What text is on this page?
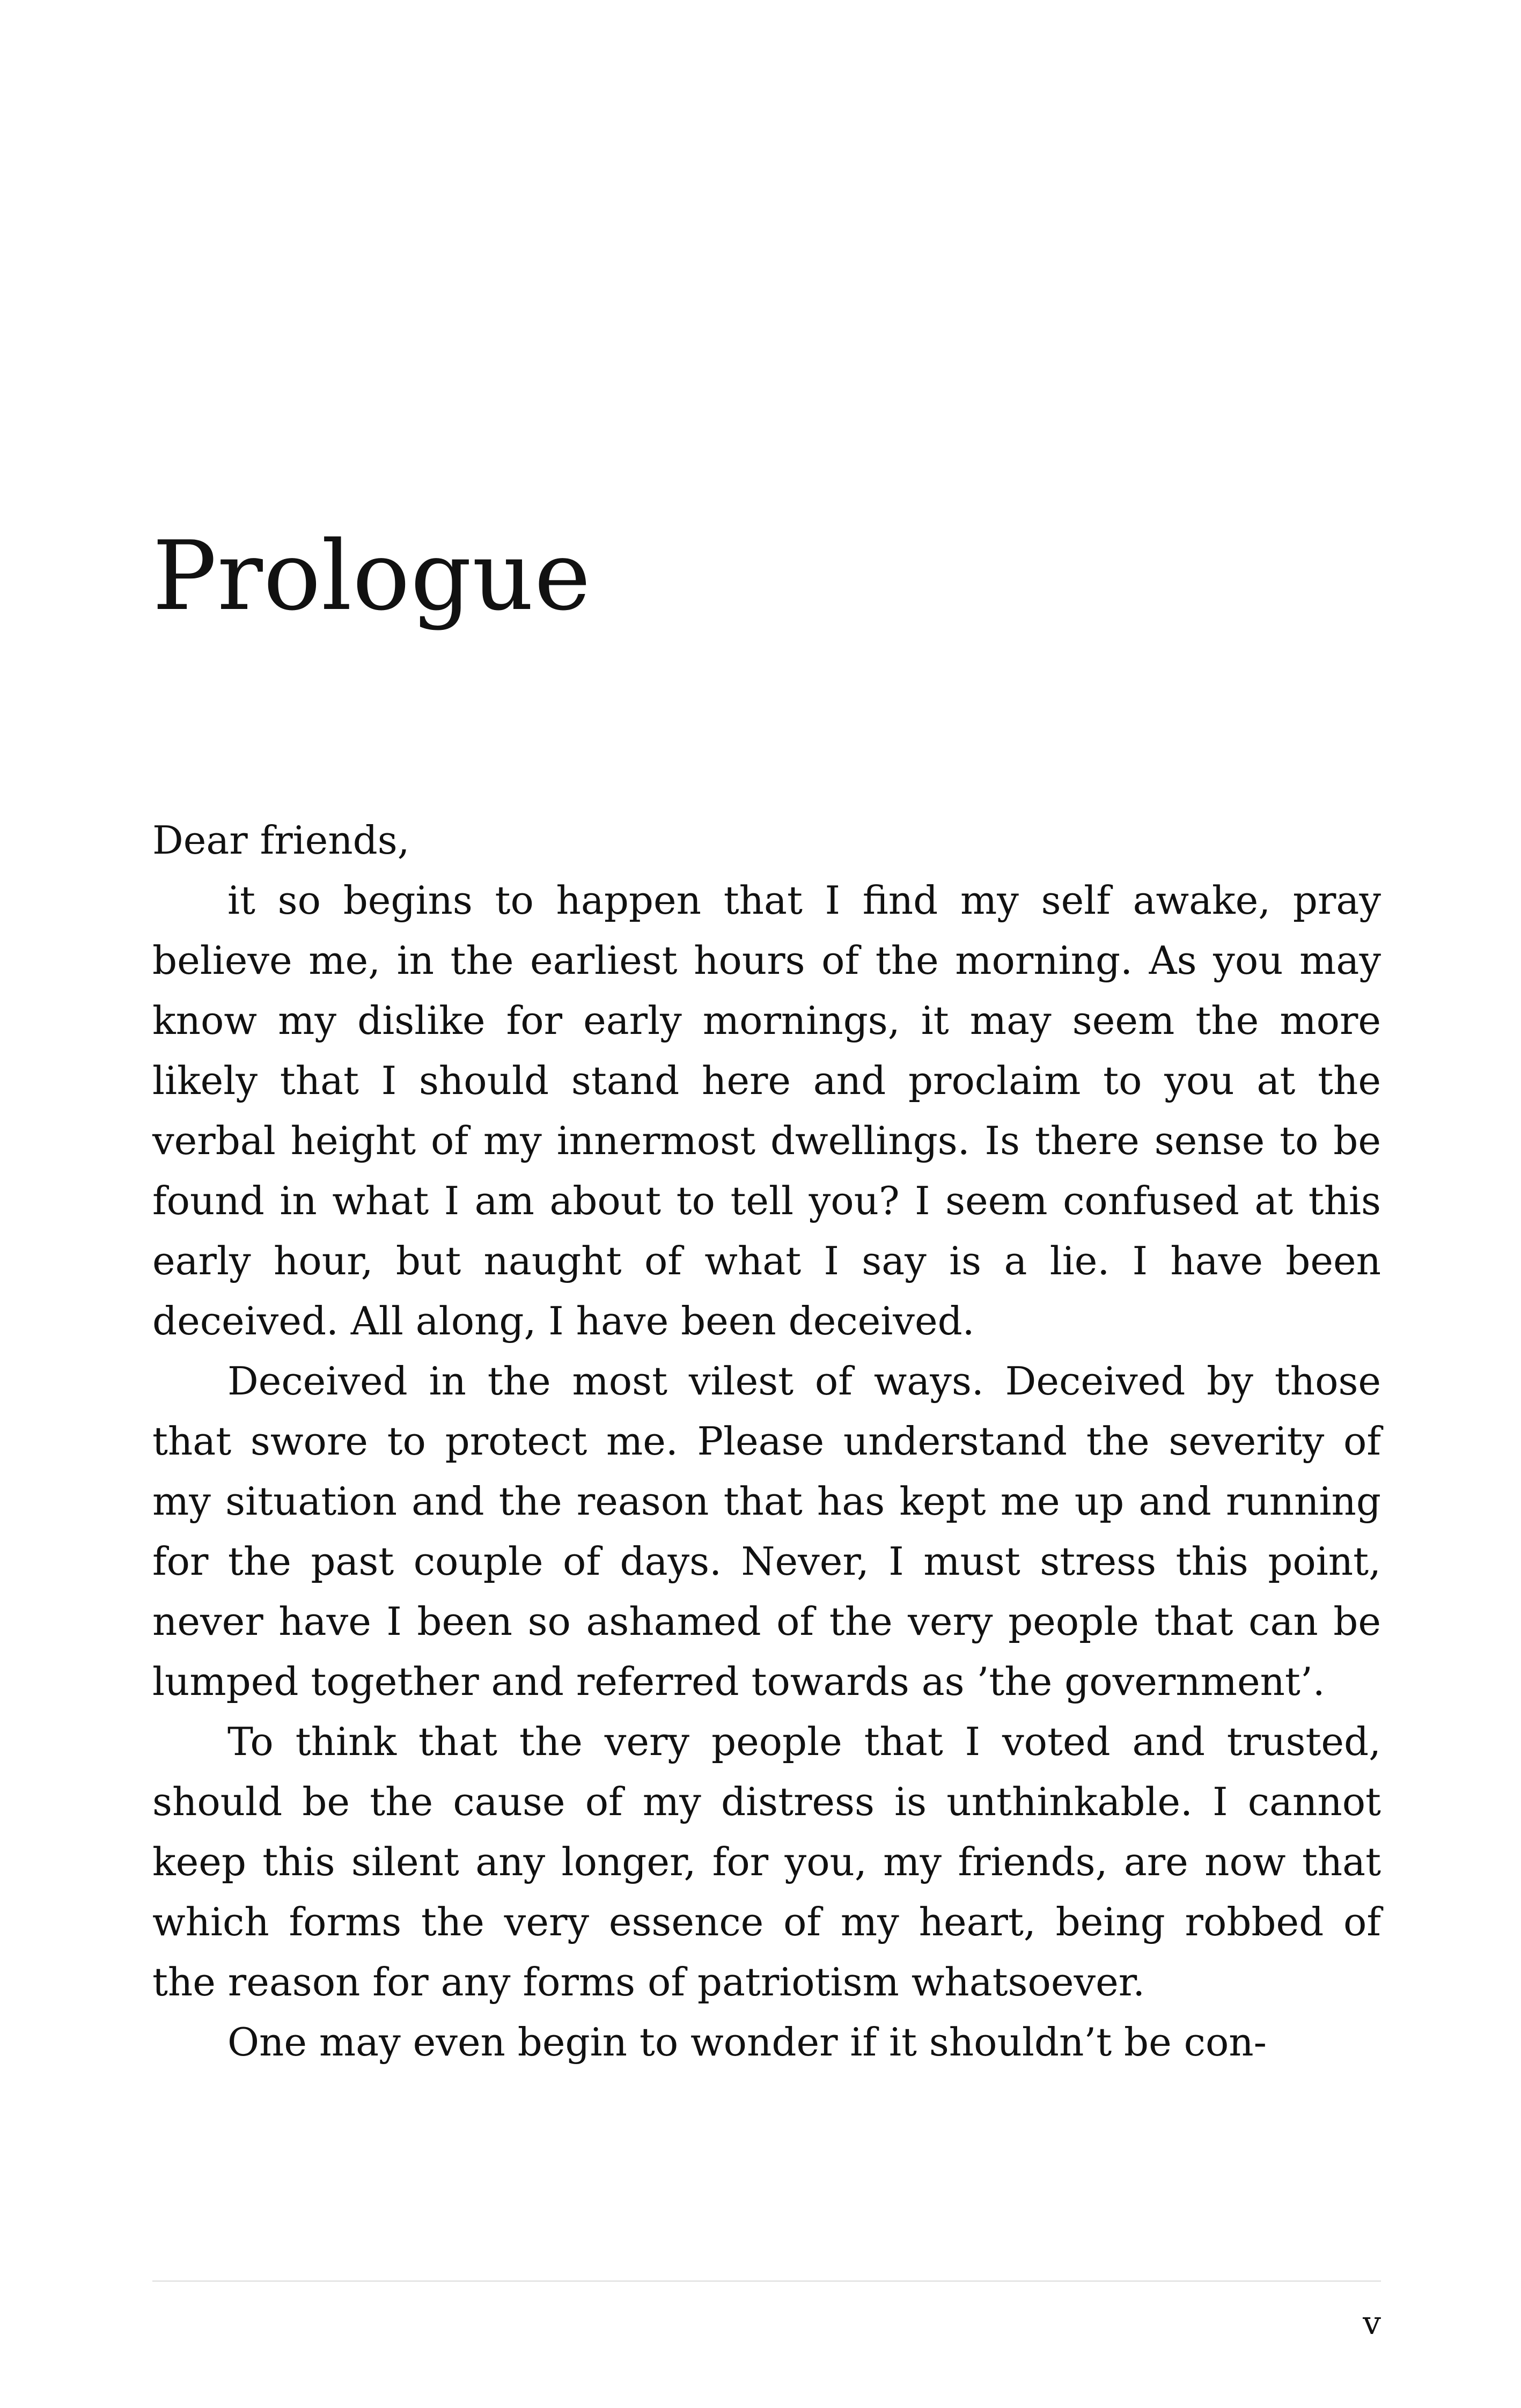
Prologue

Dear friends,

it so begins to happen that I find my self awake, pray believe me, in the earliest hours of the morning. As you may know my dislike for early mornings, it may seem the more likely that I should stand here and proclaim to you at the verbal height of my innermost dwellings. Is there sense to be found in what I am about to tell you? I seem confused at this early hour, but naught of what I say is a lie. I have been deceived. All along, I have been deceived.

Deceived in the most vilest of ways. Deceived by those that swore to protect me. Please understand the severity of my situation and the reason that has kept me up and running for the past couple of days. Never, I must stress this point, never have I been so ashamed of the very people that can be lumped together and referred towards as ’the government’.

To think that the very people that I voted and trusted, should be the cause of my distress is unthinkable. I cannot keep this silent any longer, for you, my friends, are now that which forms the very essence of my heart, being robbed of the reason for any forms of patriotism whatsoever.

One may even begin to wonder if it shouldn’t be con-

v
